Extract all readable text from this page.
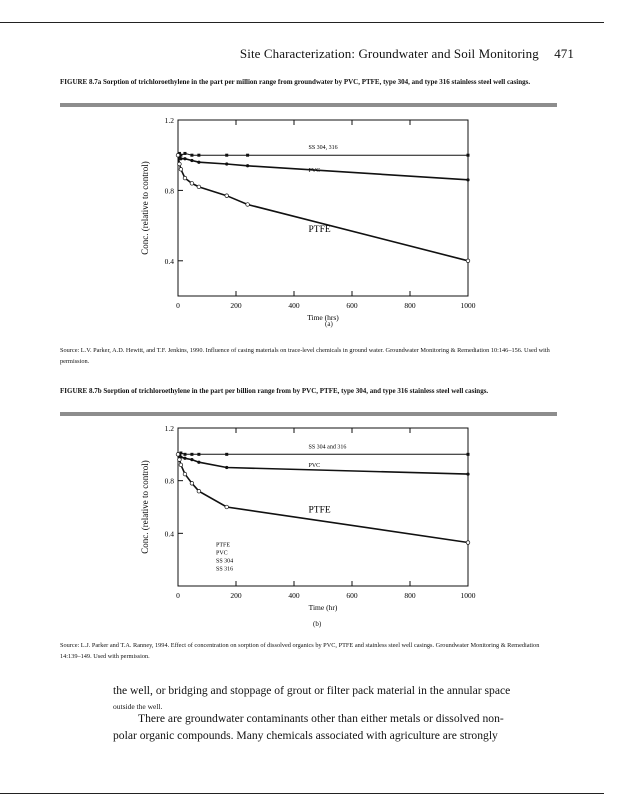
Site Characterization: Groundwater and Soil Monitoring 471
FIGURE 8.7a Sorption of trichloroethylene in the part per million range from groundwater by PVC, PTFE, type 304, and type 316 stainless steel well casings.
0	200	400	600	800	1000
0.4
0.8
1.2
Time (hrs)
Conc. (relative to control)
SS 304, 316
PVC
PTFE
(a)
Source: L.V. Parker, A.D. Hewitt, and T.F. Jenkins, 1990. Influence of casing materials on trace-level chemicals in ground water. Groundwater Monitoring & Remediation 10:146–156. Used with permission.
FIGURE 8.7b Sorption of trichloroethylene in the part per billion range from by PVC, PTFE, type 304, and type 316 stainless steel well casings.
0	200	400	600	800	1000
0.4
0.8
1.2
Time (hr)
Conc. (relative to control)
SS 304 and 316
PVC
PTFE
PTFE
PVC
SS 304
SS 316
(b)
Source: L.J. Parker and T.A. Ranney, 1994. Effect of concentration on sorption of dissolved organics by PVC, PTFE and stainless steel well casings. Groundwater Monitoring & Remediation 14:139–149. Used with permission.
the well, or bridging and stoppage of grout or filter pack material in the annular space
outside the well.
There are groundwater contaminants other than either metals or dissolved non-
polar organic compounds. Many chemicals associated with agriculture are strongly
